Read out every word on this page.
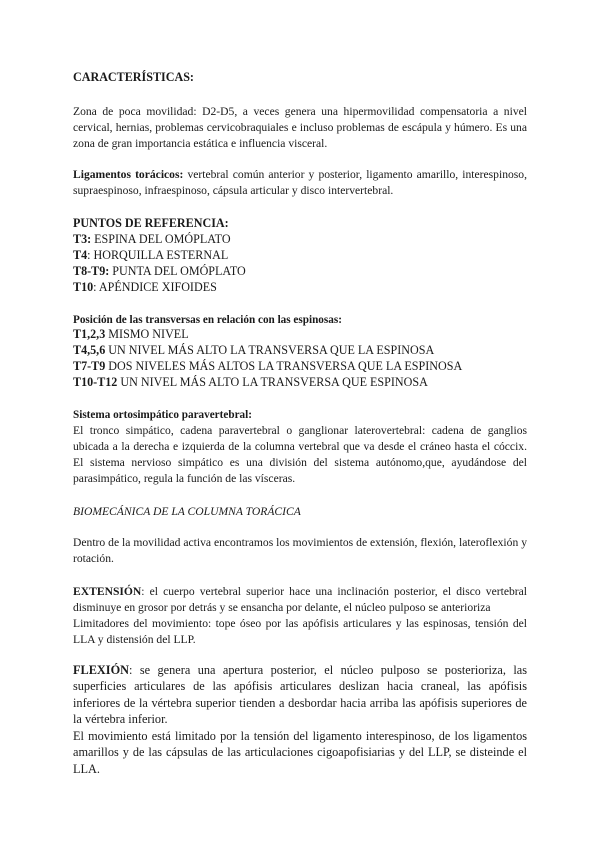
CARACTERÍSTICAS:

Zona de poca movilidad: D2-D5, a veces genera una hipermovilidad compensatoria a nivel cervical, hernias, problemas cervicobraquiales e incluso problemas de escápula y húmero. Es una zona de gran importancia estática e influencia visceral.

Ligamentos torácicos: vertebral común anterior y posterior, ligamento amarillo, interespinoso, supraespinoso, infraespinoso, cápsula articular y disco intervertebral.

PUNTOS DE REFERENCIA:

T3: ESPINA DEL OMÓPLATO

T4: HORQUILLA ESTERNAL

T8-T9: PUNTA DEL OMÓPLATO

T10: APÉNDICE XIFOIDES

Posición de las transversas en relación con las espinosas:

T1,2,3 MISMO NIVEL

T4,5,6 UN NIVEL MÁS ALTO LA TRANSVERSA QUE LA ESPINOSA

T7-T9 DOS NIVELES MÁS ALTOS LA TRANSVERSA QUE LA ESPINOSA

T10-T12 UN NIVEL MÁS ALTO LA TRANSVERSA QUE ESPINOSA

Sistema ortosimpático paravertebral:

El tronco simpático, cadena paravertebral o ganglionar laterovertebral: cadena de ganglios ubicada a la derecha e izquierda de la columna vertebral que va desde el cráneo hasta el cóccix. El sistema nervioso simpático es una división del sistema autónomo,que, ayudándose del parasimpático, regula la función de las vísceras.

BIOMECÁNICA DE LA COLUMNA TORÁCICA

Dentro de la movilidad activa encontramos los movimientos de extensión, flexión, lateroflexión y rotación.

EXTENSIÓN: el cuerpo vertebral superior hace una inclinación posterior, el disco vertebral disminuye en grosor por detrás y se ensancha por delante, el núcleo pulposo se anterioriza

Limitadores del movimiento: tope óseo por las apófisis articulares y las espinosas, tensión del LLA y distensión del LLP.

FLEXIÓN: se genera una apertura posterior, el núcleo pulposo se posterioriza, las superficies articulares de las apófisis articulares deslizan hacia craneal, las apófisis inferiores de la vértebra superior tienden a desbordar hacia arriba las apófisis superiores de la vértebra inferior.

El movimiento está limitado por la tensión del ligamento interespinoso, de los ligamentos amarillos y de las cápsulas de las articulaciones cigoapofisiarias y del LLP, se disteinde el LLA.
